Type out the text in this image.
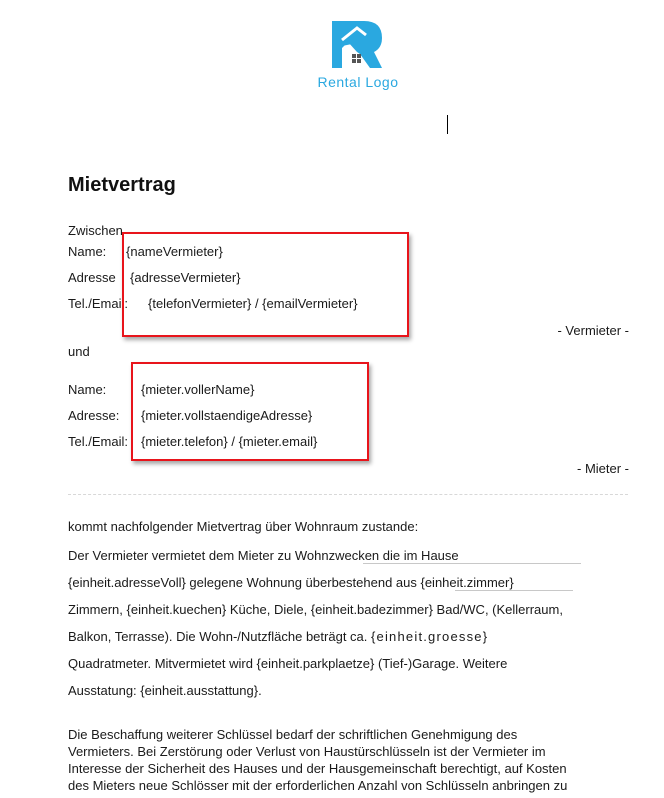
Rental Logo
Mietvertrag
Zwischen
Name: {nameVermieter}
Adresse {adresseVermieter}
Tel./Email: {telefonVermieter} / {emailVermieter}
- Vermieter -
und
Name:	{mieter.vollerName}
Adresse: {mieter.vollstaendigeAdresse}
Tel./Email: {mieter.telefon} / {mieter.email}
- Mieter -
kommt nachfolgender Mietvertrag über Wohnraum zustande:
Der Vermieter vermietet dem Mieter zu Wohnzwecken die im Hause
{einheit.adresseVoll} gelegene Wohnung überbestehend aus {einheit.zimmer}
Zimmern, {einheit.kuechen} Küche, Diele, {einheit.badezimmer} Bad/WC, (Kellerraum,
Balkon, Terrasse). Die Wohn-/Nutzfläche beträgt ca. {einheit.groesse}
Quadratmeter. Mitvermietet wird {einheit.parkplaetze} (Tief-)Garage. Weitere
Ausstatung: {einheit.ausstattung}.
Die Beschaffung weiterer Schlüssel bedarf der schriftlichen Genehmigung des
Vermieters. Bei Zerstörung oder Verlust von Haustürschlüsseln ist der Vermieter im
Interesse der Sicherheit des Hauses und der Hausgemeinschaft berechtigt, auf Kosten
des Mieters neue Schlösser mit der erforderlichen Anzahl von Schlüsseln anbringen zu
